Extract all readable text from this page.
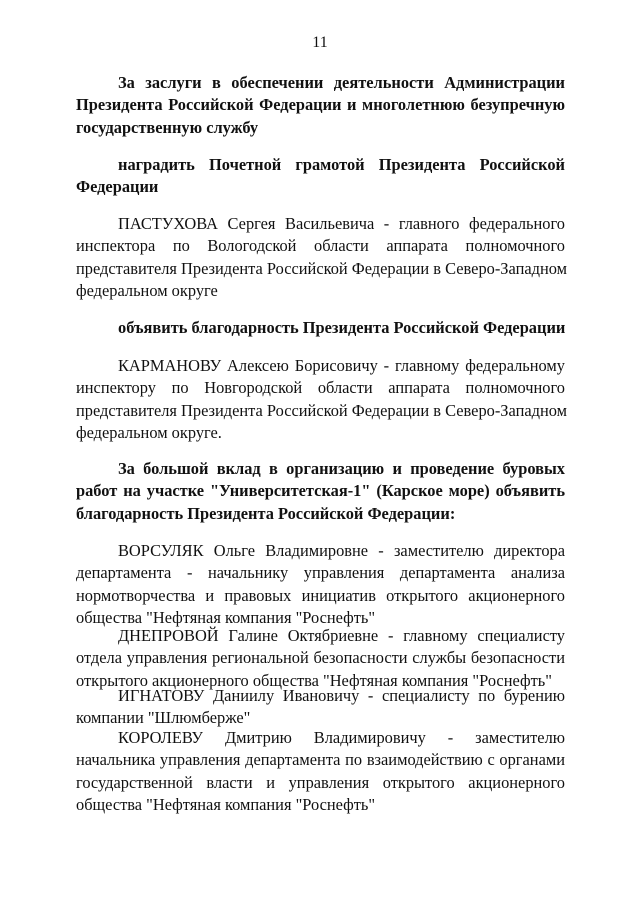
11
За заслуги в обеспечении деятельности Администрации
Президента Российской Федерации и многолетнюю безупречную
государственную службу
наградить Почетной грамотой Президента Российской
Федерации
ПАСТУХОВА Сергея Васильевича - главного федерального
инспектора по Вологодской области аппарата полномочного
представителя Президента Российской Федерации в Северо-Западном
федеральном округе
объявить благодарность Президента Российской Федерации
КАРМАНОВУ Алексею Борисовичу - главному федеральному
инспектору по Новгородской области аппарата полномочного
представителя Президента Российской Федерации в Северо-Западном
федеральном округе.
За большой вклад в организацию и проведение буровых
работ на участке "Университетская-1" (Карское море) объявить
благодарность Президента Российской Федерации:
ВОРСУЛЯК Ольге Владимировне - заместителю директора
департамента - начальнику управления департамента анализа
нормотворчества и правовых инициатив открытого акционерного
общества "Нефтяная компания "Роснефть"
ДНЕПРОВОЙ Галине Октябриевне - главному специалисту
отдела управления региональной безопасности службы безопасности
открытого акционерного общества "Нефтяная компания "Роснефть"
ИГНАТОВУ Даниилу Ивановичу - специалисту по бурению
компании "Шлюмберже"
КОРОЛЕВУ Дмитрию Владимировичу - заместителю
начальника управления департамента по взаимодействию с органами
государственной власти и управления открытого акционерного
общества "Нефтяная компания "Роснефть"
